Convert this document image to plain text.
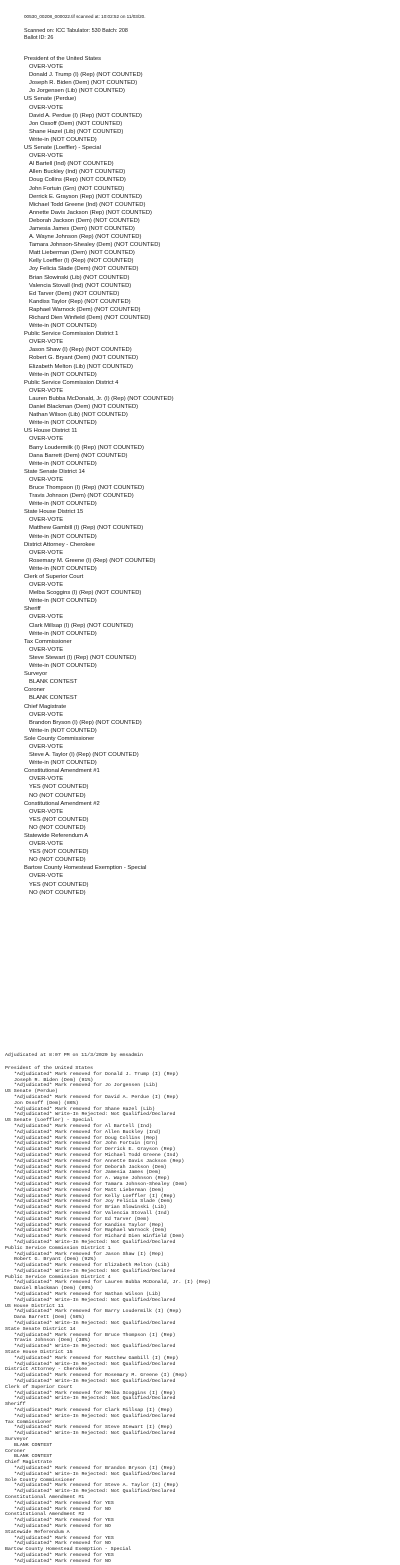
00530_00208_000022.tif scanned at: 10:02:52 on 11/03/20.

Scanned on: ICC Tabulator: 530 Batch: 208

Ballot ID: 26

President of the United States
OVER-VOTE
Donald J. Trump (I) (Rep) (NOT COUNTED)
Joseph R. Biden (Dem) (NOT COUNTED)
Jo Jorgensen (Lib) (NOT COUNTED)
US Senate (Perdue)
OVER-VOTE
David A. Perdue (I) (Rep) (NOT COUNTED)
Jon Ossoff (Dem) (NOT COUNTED)
Shane Hazel (Lib) (NOT COUNTED)
Write-in (NOT COUNTED)
US Senate (Loeffler) - Special
OVER-VOTE
Al Bartell (Ind) (NOT COUNTED)
Allen Buckley (Ind) (NOT COUNTED)
Doug Collins (Rep) (NOT COUNTED)
John Fortuin (Grn) (NOT COUNTED)
Derrick E. Grayson (Rep) (NOT COUNTED)
Michael Todd Greene (Ind) (NOT COUNTED)
Annette Davis Jackson (Rep) (NOT COUNTED)
Deborah Jackson (Dem) (NOT COUNTED)
Jamesia James (Dem) (NOT COUNTED)
A. Wayne Johnson (Rep) (NOT COUNTED)
Tamara Johnson-Shealey (Dem) (NOT COUNTED)
Matt Lieberman (Dem) (NOT COUNTED)
Kelly Loeffler (I) (Rep) (NOT COUNTED)
Joy Felicia Slade (Dem) (NOT COUNTED)
Brian Slowinski (Lib) (NOT COUNTED)
Valencia Stovall (Ind) (NOT COUNTED)
Ed Tarver (Dem) (NOT COUNTED)
Kandiss Taylor (Rep) (NOT COUNTED)
Raphael Warnock (Dem) (NOT COUNTED)
Richard Dien Winfield (Dem) (NOT COUNTED)
Write-in (NOT COUNTED)
Public Service Commission District 1
OVER-VOTE
Jason Shaw (I) (Rep) (NOT COUNTED)
Robert G. Bryant (Dem) (NOT COUNTED)
Elizabeth Melton (Lib) (NOT COUNTED)
Write-in (NOT COUNTED)
Public Service Commission District 4
OVER-VOTE
Lauren Bubba McDonald, Jr. (I) (Rep) (NOT COUNTED)
Daniel Blackman (Dem) (NOT COUNTED)
Nathan Wilson (Lib) (NOT COUNTED)
Write-in (NOT COUNTED)
US House District 11
OVER-VOTE
Barry Loudermilk (I) (Rep) (NOT COUNTED)
Dana Barrett (Dem) (NOT COUNTED)
Write-in (NOT COUNTED)
State Senate District 14
OVER-VOTE
Bruce Thompson (I) (Rep) (NOT COUNTED)
Travis Johnson (Dem) (NOT COUNTED)
Write-in (NOT COUNTED)
State House District 15
OVER-VOTE
Matthew Gambill (I) (Rep) (NOT COUNTED)
Write-in (NOT COUNTED)
District Attorney - Cherokee
OVER-VOTE
Rosemary M. Greene (I) (Rep) (NOT COUNTED)
Write-in (NOT COUNTED)
Clerk of Superior Court
OVER-VOTE
Melba Scoggins (I) (Rep) (NOT COUNTED)
Write-in (NOT COUNTED)
Sheriff
OVER-VOTE
Clark Millsap (I) (Rep) (NOT COUNTED)
Write-in (NOT COUNTED)
Tax Commissioner
OVER-VOTE
Steve Stewart (I) (Rep) (NOT COUNTED)
Write-in (NOT COUNTED)
Surveyor
BLANK CONTEST
Coroner
BLANK CONTEST
Chief Magistrate
OVER-VOTE
Brandon Bryson (I) (Rep) (NOT COUNTED)
Write-in (NOT COUNTED)
Sole County Commissioner
OVER-VOTE
Steve A. Taylor (I) (Rep) (NOT COUNTED)
Write-in (NOT COUNTED)
Constitutional Amendment #1
OVER-VOTE
YES (NOT COUNTED)
NO (NOT COUNTED)
Constitutional Amendment #2
OVER-VOTE
YES (NOT COUNTED)
NO (NOT COUNTED)
Statewide Referendum A
OVER-VOTE
YES (NOT COUNTED)
NO (NOT COUNTED)
Bartow County Homestead Exemption - Special
OVER-VOTE
YES (NOT COUNTED)
NO (NOT COUNTED)

Adjudicated at 8:07 PM on 11/3/2020 by emsadmin

President of the United States
*Adjudicated* Mark removed for Donald J. Trump (I) (Rep)
Joseph R. Biden (Dem) (91%)
*Adjudicated* Mark removed for Jo Jorgensen (Lib)
US Senate (Perdue)
*Adjudicated* Mark removed for David A. Perdue (I) (Rep)
Jon Ossoff (Dem) (86%)
*Adjudicated* Mark removed for Shane Hazel (Lib)
*Adjudicated* Write-In Rejected: Not Qualified/Declared
US Senate (Loeffler) - Special
*Adjudicated* Mark removed for Al Bartell (Ind)
*Adjudicated* Mark removed for Allen Buckley (Ind)
*Adjudicated* Mark removed for Doug Collins (Rep)
*Adjudicated* Mark removed for John Fortuin (Grn)
*Adjudicated* Mark removed for Derrick E. Grayson (Rep)
*Adjudicated* Mark removed for Michael Todd Greene (Ind)
*Adjudicated* Mark removed for Annette Davis Jackson (Rep)
*Adjudicated* Mark removed for Deborah Jackson (Dem)
*Adjudicated* Mark removed for Jamesia James (Dem)
*Adjudicated* Mark removed for A. Wayne Johnson (Rep)
*Adjudicated* Mark removed for Tamara Johnson-Shealey (Dem)
*Adjudicated* Mark removed for Matt Lieberman (Dem)
*Adjudicated* Mark removed for Kelly Loeffler (I) (Rep)
*Adjudicated* Mark removed for Joy Felicia Slade (Dem)
*Adjudicated* Mark removed for Brian Slowinski (Lib)
*Adjudicated* Mark removed for Valencia Stovall (Ind)
*Adjudicated* Mark removed for Ed Tarver (Dem)
*Adjudicated* Mark removed for Kandiss Taylor (Rep)
*Adjudicated* Mark removed for Raphael Warnock (Dem)
*Adjudicated* Mark removed for Richard Dien Winfield (Dem)
*Adjudicated* Write-In Rejected: Not Qualified/Declared
Public Service Commission District 1
*Adjudicated* Mark removed for Jason Shaw (I) (Rep)
Robert G. Bryant (Dem) (92%)
*Adjudicated* Mark removed for Elizabeth Melton (Lib)
*Adjudicated* Write-In Rejected: Not Qualified/Declared
Public Service Commission District 4
*Adjudicated* Mark removed for Lauren Bubba McDonald, Jr. (I) (Rep)
Daniel Blackman (Dem) (89%)
*Adjudicated* Mark removed for Nathan Wilson (Lib)
*Adjudicated* Write-In Rejected: Not Qualified/Declared
US House District 11
*Adjudicated* Mark removed for Barry Loudermilk (I) (Rep)
Dana Barrett (Dem) (56%)
*Adjudicated* Write-In Rejected: Not Qualified/Declared
State Senate District 14
*Adjudicated* Mark removed for Bruce Thompson (I) (Rep)
Travis Johnson (Dem) (38%)
*Adjudicated* Write-In Rejected: Not Qualified/Declared
State House District 15
*Adjudicated* Mark removed for Matthew Gambill (I) (Rep)
*Adjudicated* Write-In Rejected: Not Qualified/Declared
District Attorney - Cherokee
*Adjudicated* Mark removed for Rosemary M. Greene (I) (Rep)
*Adjudicated* Write-In Rejected: Not Qualified/Declared
Clerk of Superior Court
*Adjudicated* Mark removed for Melba Scoggins (I) (Rep)
*Adjudicated* Write-In Rejected: Not Qualified/Declared
Sheriff
*Adjudicated* Mark removed for Clark Millsap (I) (Rep)
*Adjudicated* Write-In Rejected: Not Qualified/Declared
Tax Commissioner
*Adjudicated* Mark removed for Steve Stewart (I) (Rep)
*Adjudicated* Write-In Rejected: Not Qualified/Declared
Surveyor
BLANK CONTEST
Coroner
BLANK CONTEST
Chief Magistrate
*Adjudicated* Mark removed for Brandon Bryson (I) (Rep)
*Adjudicated* Write-In Rejected: Not Qualified/Declared
Sole County Commissioner
*Adjudicated* Mark removed for Steve A. Taylor (I) (Rep)
*Adjudicated* Write-In Rejected: Not Qualified/Declared
Constitutional Amendment #1
*Adjudicated* Mark removed for YES
*Adjudicated* Mark removed for NO
Constitutional Amendment #2
*Adjudicated* Mark removed for YES
*Adjudicated* Mark removed for NO
Statewide Referendum A
*Adjudicated* Mark removed for YES
*Adjudicated* Mark removed for NO
Bartow County Homestead Exemption - Special
*Adjudicated* Mark removed for YES
*Adjudicated* Mark removed for NO
